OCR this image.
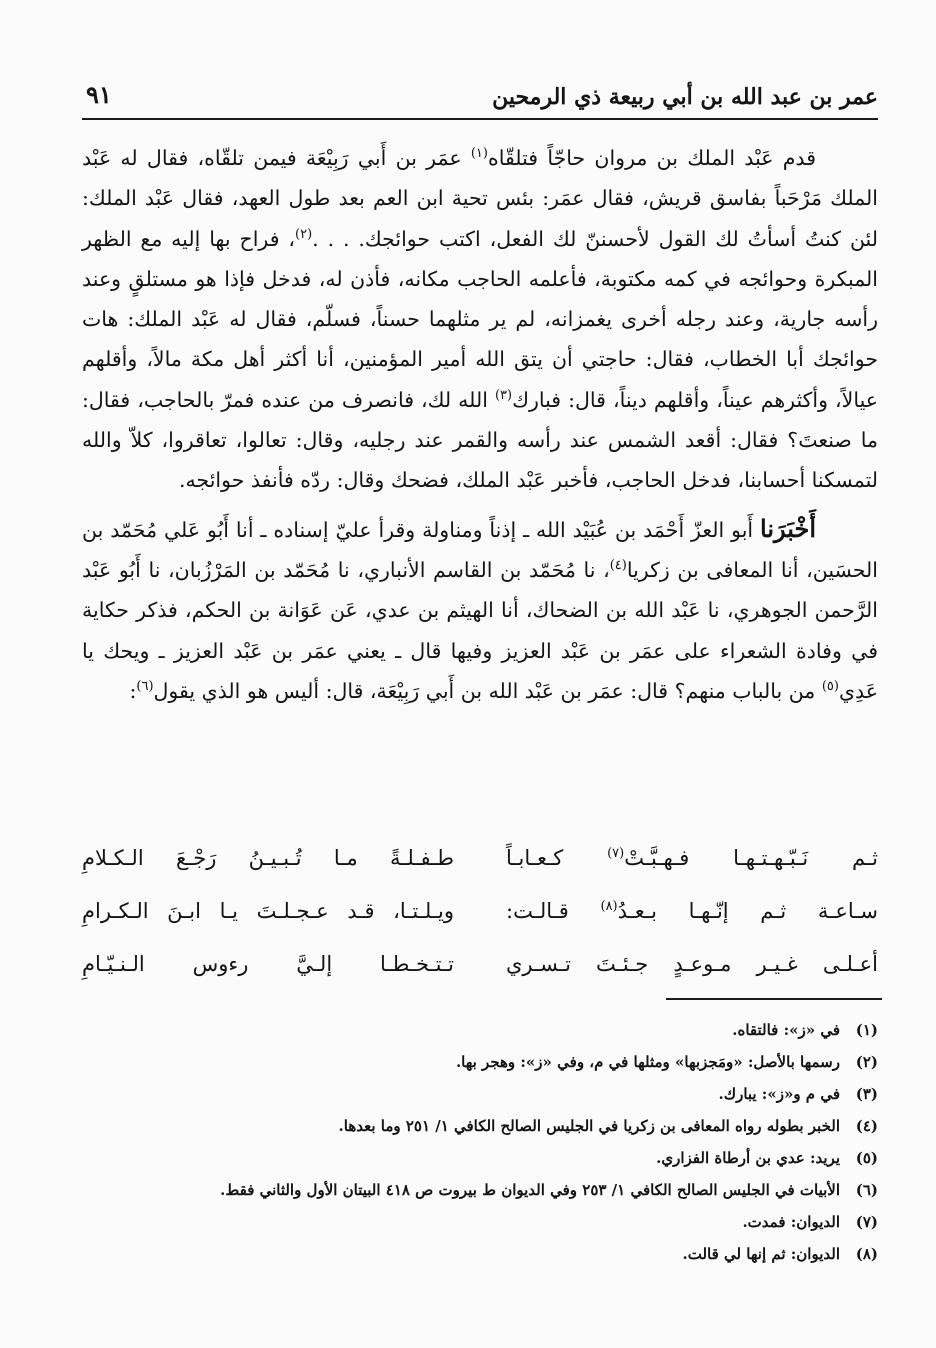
عمر بن عبد الله بن أبي ربيعة ذي الرمحين
٩١

قدم عَبْد الملك بن مروان حاجّاً فتلقّاه$^{(١)}$ عمَر بن أَبي رَبِيْعَة فيمن تلقّاه، فقال له عَبْد الملك مَرْحَباً بفاسق قريش، فقال عمَر: بئس تحية ابن العم بعد طول العهد، فقال عَبْد الملك: لئن كنتُ أسأتُ لك القول لأحسننّ لك الفعل، اكتب حوائجك. . . .$^{(٢)}$، فراح بها إليه مع الظهر المبكرة وحوائجه في كمه مكتوبة، فأعلمه الحاجب مكانه، فأذن له، فدخل فإذا هو مستلقٍ وعند رأسه جارية، وعند رجله أخرى يغمزانه، لم ير مثلهما حسناً، فسلّم، فقال له عَبْد الملك: هات حوائجك أبا الخطاب، فقال: حاجتي أن يتق الله أمير المؤمنين، أنا أكثر أهل مكة مالاً، وأقلهم عيالاً، وأكثرهم عيناً، وأقلهم ديناً، قال: فبارك$^{(٣)}$ الله لك، فانصرف من عنده فمرّ بالحاجب، فقال: ما صنعتَ؟ فقال: أقعد الشمس عند رأسه والقمر عند رجليه، وقال: تعالوا، تعاقروا، كلاّ والله لتمسكنا أحسابنا، فدخل الحاجب، فأخبر عَبْد الملك، فضحك وقال: ردّه فأنفذ حوائجه.

أَخْبَرَنا أَبو العزّ أَحْمَد بن عُبَيْد الله ـ إذناً ومناولة وقرأ عليّ إسناده ـ أنا أَبُو عَلي مُحَمّد بن الحسَين، أنا المعافى بن زكريا$^{(٤)}$، نا مُحَمّد بن القاسم الأنباري، نا مُحَمّد بن المَرْزُبان، نا أَبُو عَبْد الرَّحمن الجوهري، نا عَبْد الله بن الضحاك، أنا الهيثم بن عدي، عَن عَوَانة بن الحكم، فذكر حكاية في وفادة الشعراء على عمَر بن عَبْد العزيز وفيها قال ـ يعني عمَر بن عَبْد العزيز ـ ويحك يا عَدِي$^{(٥)}$ من بالباب منهم؟ قال: عمَر بن عَبْد الله بن أَبي رَبِيْعَة، قال: أليس هو الذي يقول$^{(٦)}$:

ثـم نَـبّـهـتـهـا فـهـبَّـتْ$^{(٧)}$ كـعـابـاً
طـفـلـةً مـا تُـبـيـنُ رَجْـعَ الـكـلامِ
سـاعـة ثـم إنّـهـا بـعـدُ$^{(٨)}$ قـالـت:
ويـلـتـا، قـد عـجـلـتَ يـا ابـنَ الـكـرامِ
أعـلـى غـيـر مـوعـدٍ جـئـتَ تـسـري
تـتـخـطـا إلـيَّ رءوس الـنـيّـامِ
(١)
في «ز»: فالتقاه.
(٢)
رسمها بالأصل: «ومَجزبها» ومثلها في م، وفي «ز»: وهجر بها.
(٣)
في م و«ز»: يبارك.
(٤)
الخبر بطوله رواه المعافى بن زكريا في الجليس الصالح الكافي ١/ ٢٥١ وما بعدها.
(٥)
يريد: عدي بن أرطاة الفزاري.
(٦)
الأبيات في الجليس الصالح الكافي ١/ ٢٥٣ وفي الديوان ط بيروت ص ٤١٨ البيتان الأول والثاني فقط.
(٧)
الديوان: فمدت.
(٨)
الديوان: ثم إنها لي قالت.
